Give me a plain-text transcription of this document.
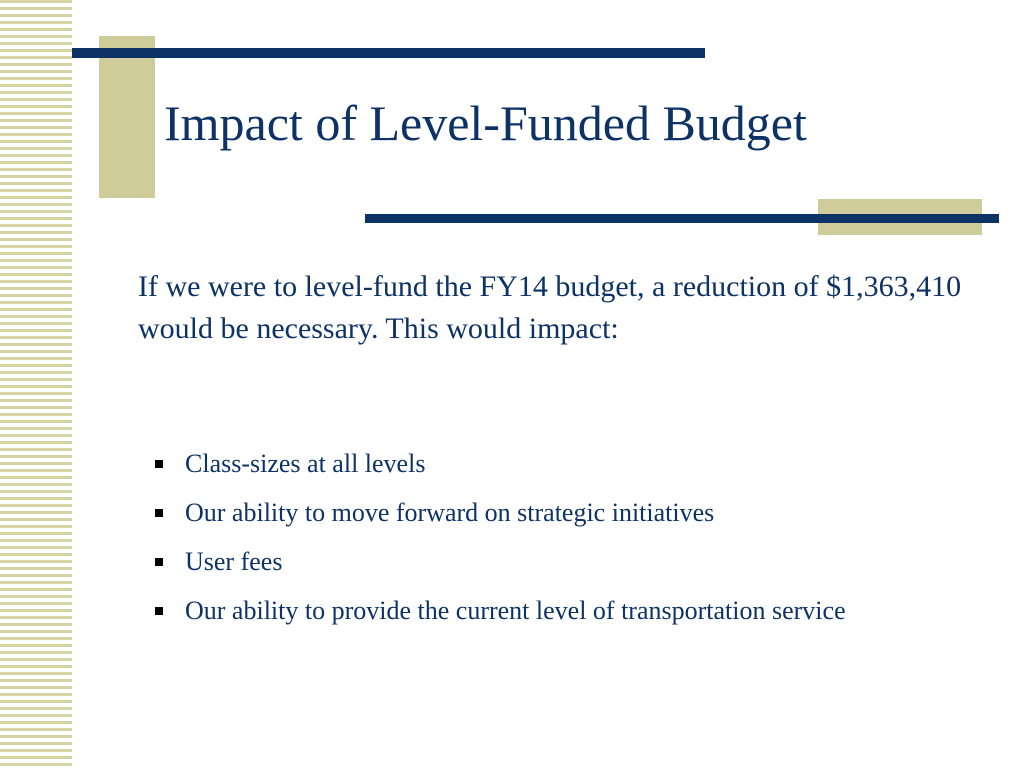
Impact of Level-Funded Budget

If we were to level-fund the FY14 budget, a reduction of $1,363,410 would be necessary. This would impact:

Class-sizes at all levels
Our ability to move forward on strategic initiatives
User fees
Our ability to provide the current level of transportation service
